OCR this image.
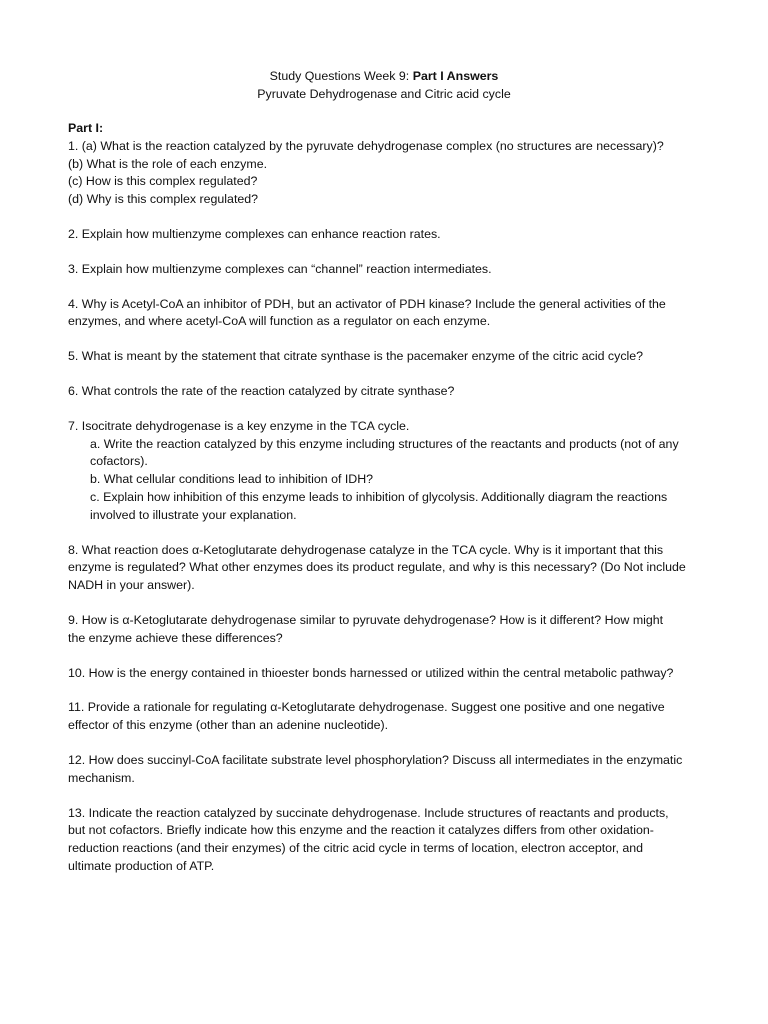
Study Questions Week 9: Part I Answers
Pyruvate Dehydrogenase and Citric acid cycle
Part I:
1. (a) What is the reaction catalyzed by the pyruvate dehydrogenase complex (no structures are necessary)?
(b) What is the role of each enzyme.
(c) How is this complex regulated?
(d) Why is this complex regulated?
2. Explain how multienzyme complexes can enhance reaction rates.
3. Explain how multienzyme complexes can “channel” reaction intermediates.
4. Why is Acetyl-CoA an inhibitor of PDH, but an activator of PDH kinase? Include the general activities of the
enzymes, and where acetyl-CoA will function as a regulator on each enzyme.
5. What is meant by the statement that citrate synthase is the pacemaker enzyme of the citric acid cycle?
6. What controls the rate of the reaction catalyzed by citrate synthase?
7. Isocitrate dehydrogenase is a key enzyme in the TCA cycle.
a. Write the reaction catalyzed by this enzyme including structures of the reactants and products (not of any
cofactors).
b. What cellular conditions lead to inhibition of IDH?
c. Explain how inhibition of this enzyme leads to inhibition of glycolysis. Additionally diagram the reactions
involved to illustrate your explanation.
8. What reaction does α-Ketoglutarate dehydrogenase catalyze in the TCA cycle. Why is it important that this
enzyme is regulated? What other enzymes does its product regulate, and why is this necessary? (Do Not include
NADH in your answer).
9. How is α-Ketoglutarate dehydrogenase similar to pyruvate dehydrogenase? How is it different? How might
the enzyme achieve these differences?
10. How is the energy contained in thioester bonds harnessed or utilized within the central metabolic pathway?
11. Provide a rationale for regulating α-Ketoglutarate dehydrogenase. Suggest one positive and one negative
effector of this enzyme (other than an adenine nucleotide).
12. How does succinyl-CoA facilitate substrate level phosphorylation? Discuss all intermediates in the enzymatic
mechanism.
13. Indicate the reaction catalyzed by succinate dehydrogenase. Include structures of reactants and products,
but not cofactors. Briefly indicate how this enzyme and the reaction it catalyzes differs from other oxidation-
reduction reactions (and their enzymes) of the citric acid cycle in terms of location, electron acceptor, and
ultimate production of ATP.
